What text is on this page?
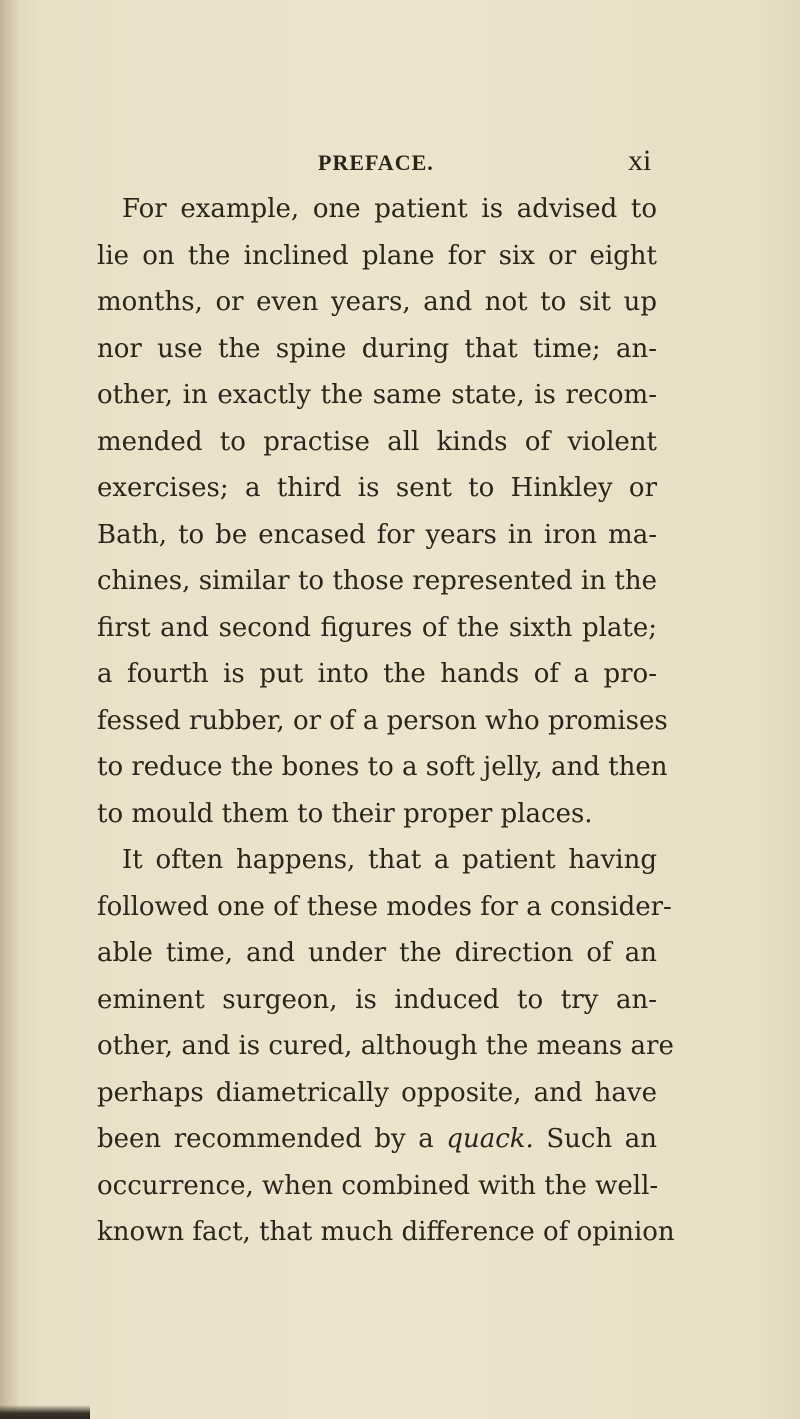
PREFACE.	xi
For example, one patient is advised to
lie on the inclined plane for six or eight
months, or even years, and not to sit up
nor use the spine during that time; an-
other, in exactly the same state, is recom-
mended to practise all kinds of violent
exercises; a third is sent to Hinkley or
Bath, to be encased for years in iron ma-
chines, similar to those represented in the
first and second figures of the sixth plate;
a fourth is put into the hands of a pro-
fessed rubber, or of a person who promises
to reduce the bones to a soft jelly, and then
to mould them to their proper places.
It often happens, that a patient having
followed one of these modes for a consider-
able time, and under the direction of an
eminent surgeon, is induced to try an-
other, and is cured, although the means are
perhaps diametrically opposite, and have
been recommended by a quack. Such an
occurrence, when combined with the well-
known fact, that much difference of opinion
